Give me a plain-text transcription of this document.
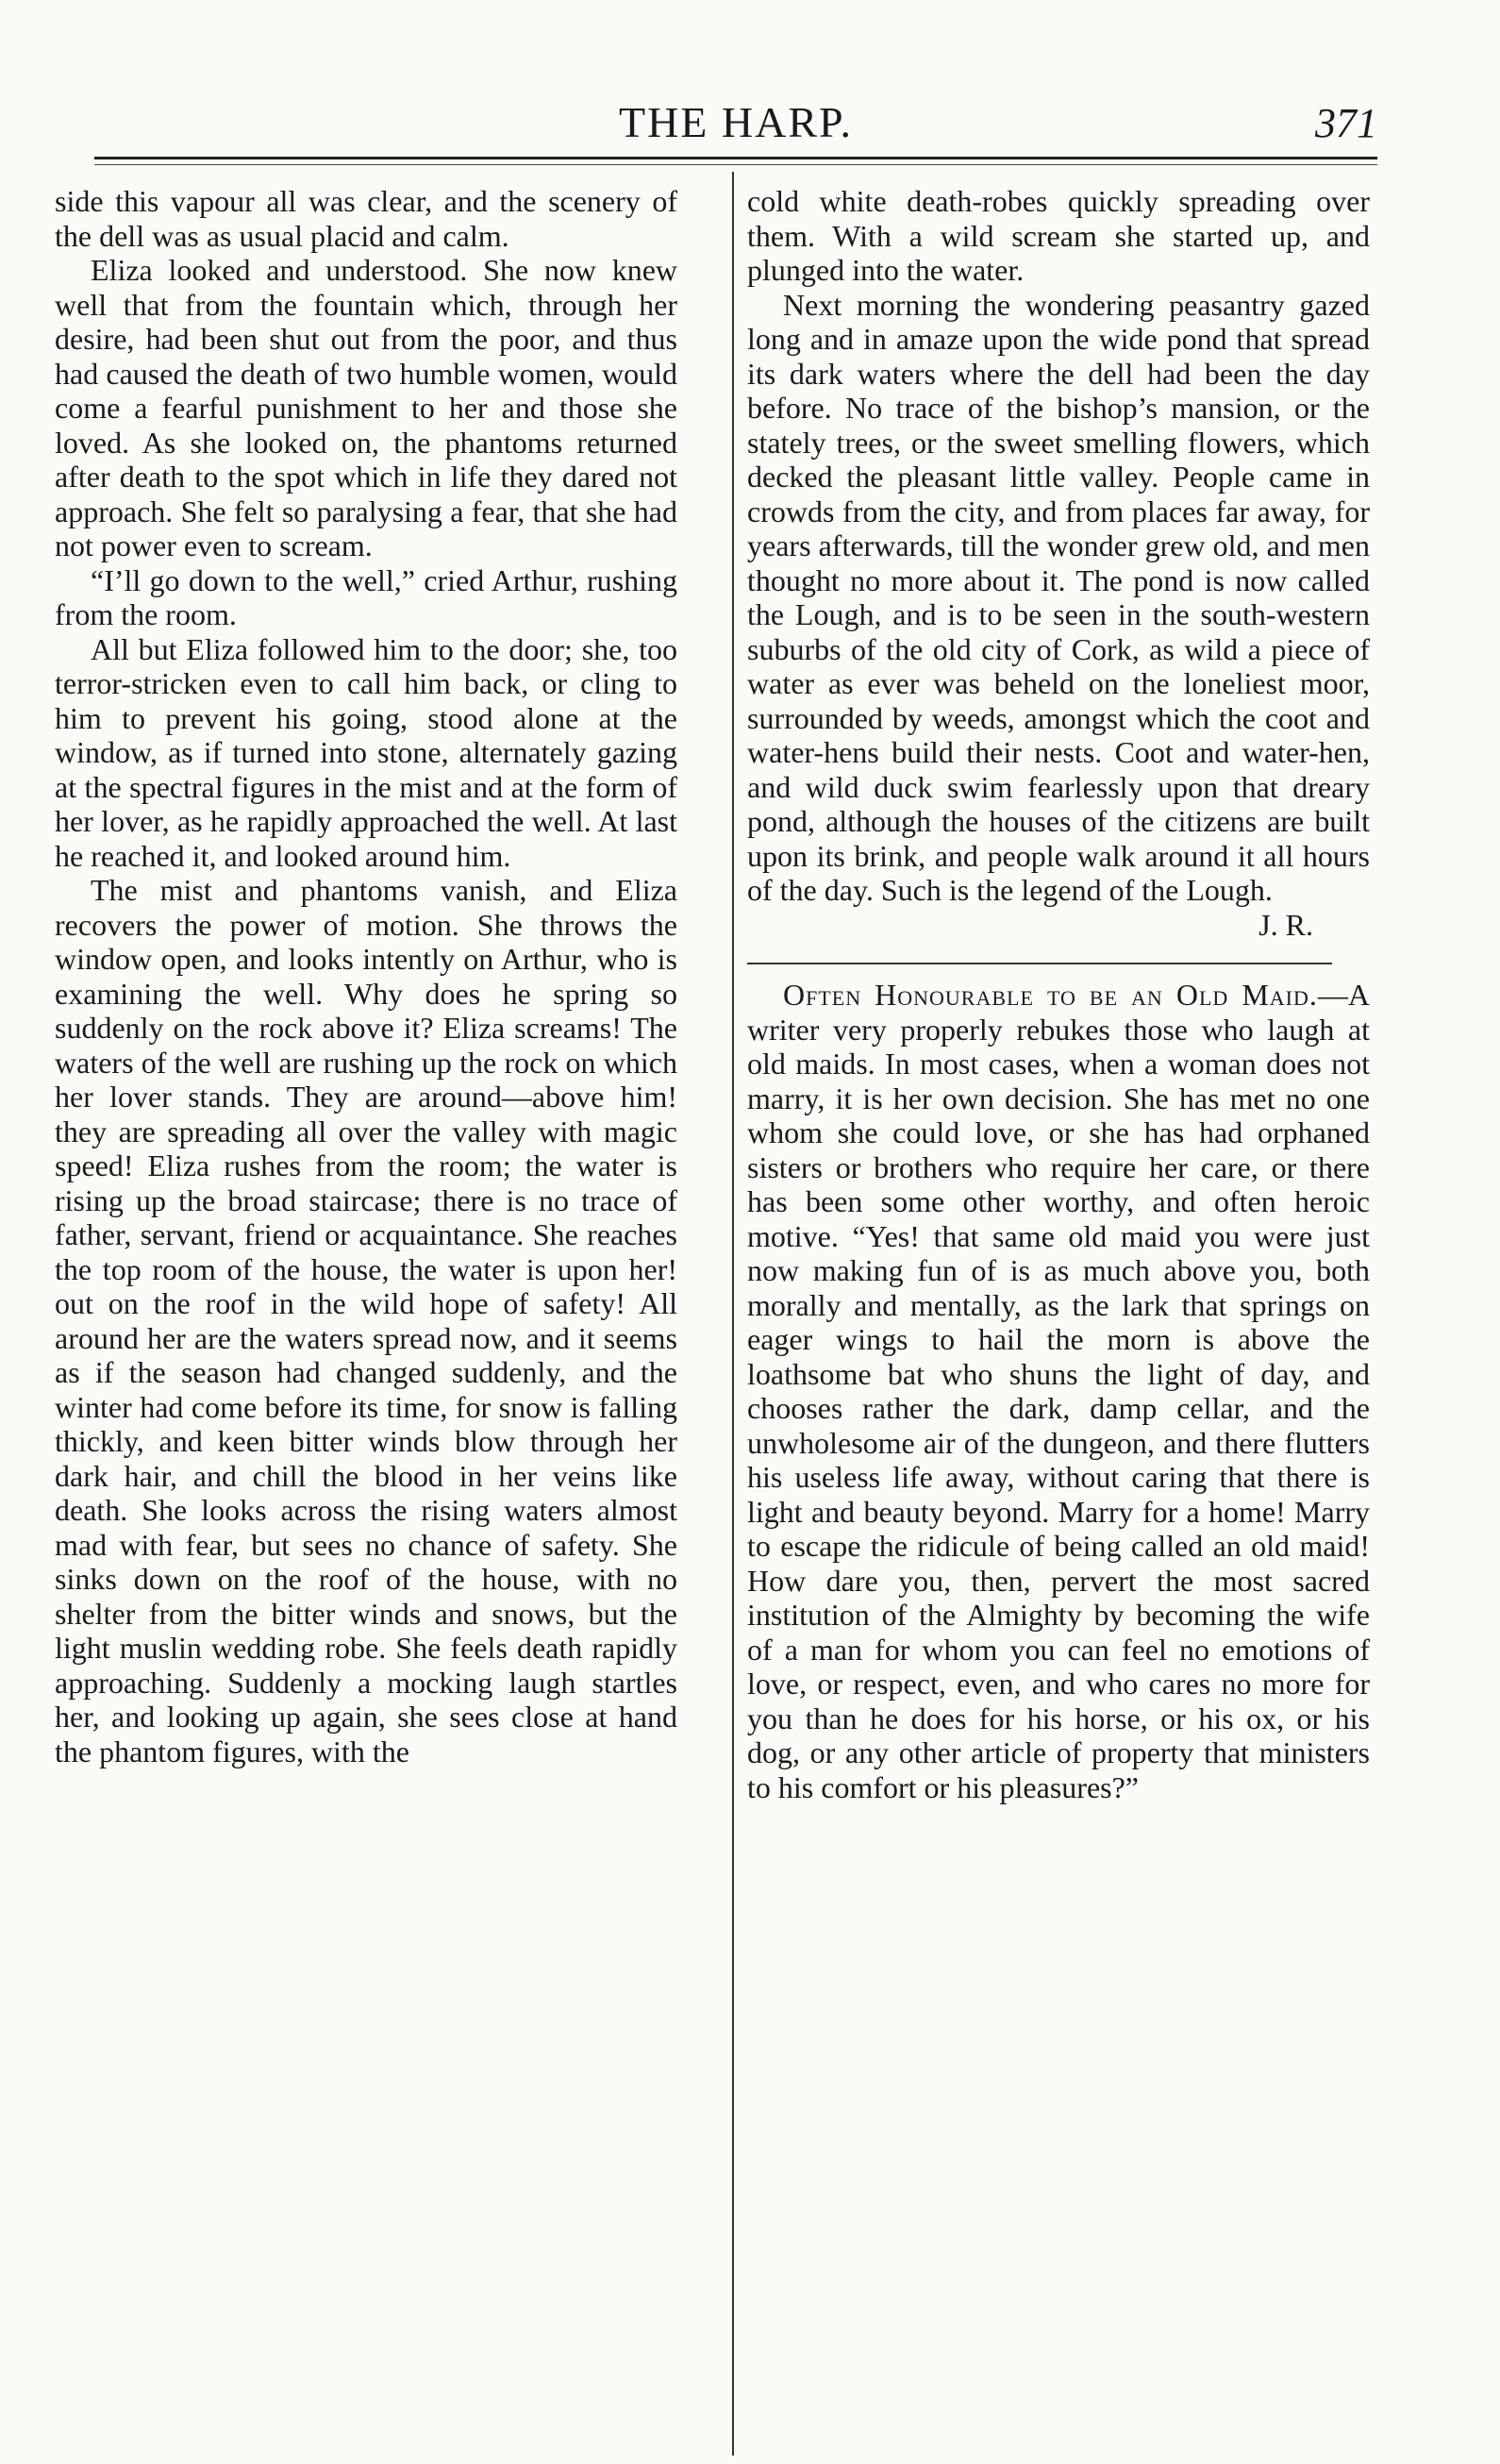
THE HARP.	371

side this vapour all was clear, and the scenery of the dell was as usual placid and calm.

Eliza looked and understood. She now knew well that from the fountain which, through her desire, had been shut out from the poor, and thus had caused the death of two humble women, would come a fearful punishment to her and those she loved. As she looked on, the phantoms returned after death to the spot which in life they dared not approach. She felt so paralysing a fear, that she had not power even to scream.

“I’ll go down to the well,” cried Arthur, rushing from the room.

All but Eliza followed him to the door; she, too terror-stricken even to call him back, or cling to him to prevent his going, stood alone at the window, as if turned into stone, alternately gazing at the spectral figures in the mist and at the form of her lover, as he rapidly approached the well. At last he reached it, and looked around him.

The mist and phantoms vanish, and Eliza recovers the power of motion. She throws the window open, and looks intently on Arthur, who is examining the well. Why does he spring so suddenly on the rock above it? Eliza screams! The waters of the well are rushing up the rock on which her lover stands. They are around—above him! they are spreading all over the valley with magic speed! Eliza rushes from the room; the water is rising up the broad staircase; there is no trace of father, servant, friend or acquaintance. She reaches the top room of the house, the water is upon her! out on the roof in the wild hope of safety! All around her are the waters spread now, and it seems as if the season had changed suddenly, and the winter had come before its time, for snow is falling thickly, and keen bitter winds blow through her dark hair, and chill the blood in her veins like death. She looks across the rising waters almost mad with fear, but sees no chance of safety. She sinks down on the roof of the house, with no shelter from the bitter winds and snows, but the light muslin wedding robe. She feels death rapidly approaching. Suddenly a mocking laugh startles her, and looking up again, she sees close at hand the phantom figures, with the

cold white death-robes quickly spreading over them. With a wild scream she started up, and plunged into the water.

Next morning the wondering peasantry gazed long and in amaze upon the wide pond that spread its dark waters where the dell had been the day before. No trace of the bishop’s mansion, or the stately trees, or the sweet smelling flowers, which decked the pleasant little valley. People came in crowds from the city, and from places far away, for years afterwards, till the wonder grew old, and men thought no more about it. The pond is now called the Lough, and is to be seen in the south-western suburbs of the old city of Cork, as wild a piece of water as ever was beheld on the loneliest moor, surrounded by weeds, amongst which the coot and water-hens build their nests. Coot and water-hen, and wild duck swim fearlessly upon that dreary pond, although the houses of the citizens are built upon its brink, and people walk around it all hours of the day. Such is the legend of the Lough.

J. R.

Often Honourable to be an Old Maid.—A writer very properly rebukes those who laugh at old maids. In most cases, when a woman does not marry, it is her own decision. She has met no one whom she could love, or she has had orphaned sisters or brothers who require her care, or there has been some other worthy, and often heroic motive. “Yes! that same old maid you were just now making fun of is as much above you, both morally and mentally, as the lark that springs on eager wings to hail the morn is above the loathsome bat who shuns the light of day, and chooses rather the dark, damp cellar, and the unwholesome air of the dungeon, and there flutters his useless life away, without caring that there is light and beauty beyond. Marry for a home! Marry to escape the ridicule of being called an old maid! How dare you, then, pervert the most sacred institution of the Almighty by becoming the wife of a man for whom you can feel no emotions of love, or respect, even, and who cares no more for you than he does for his horse, or his ox, or his dog, or any other article of property that ministers to his comfort or his pleasures?”
